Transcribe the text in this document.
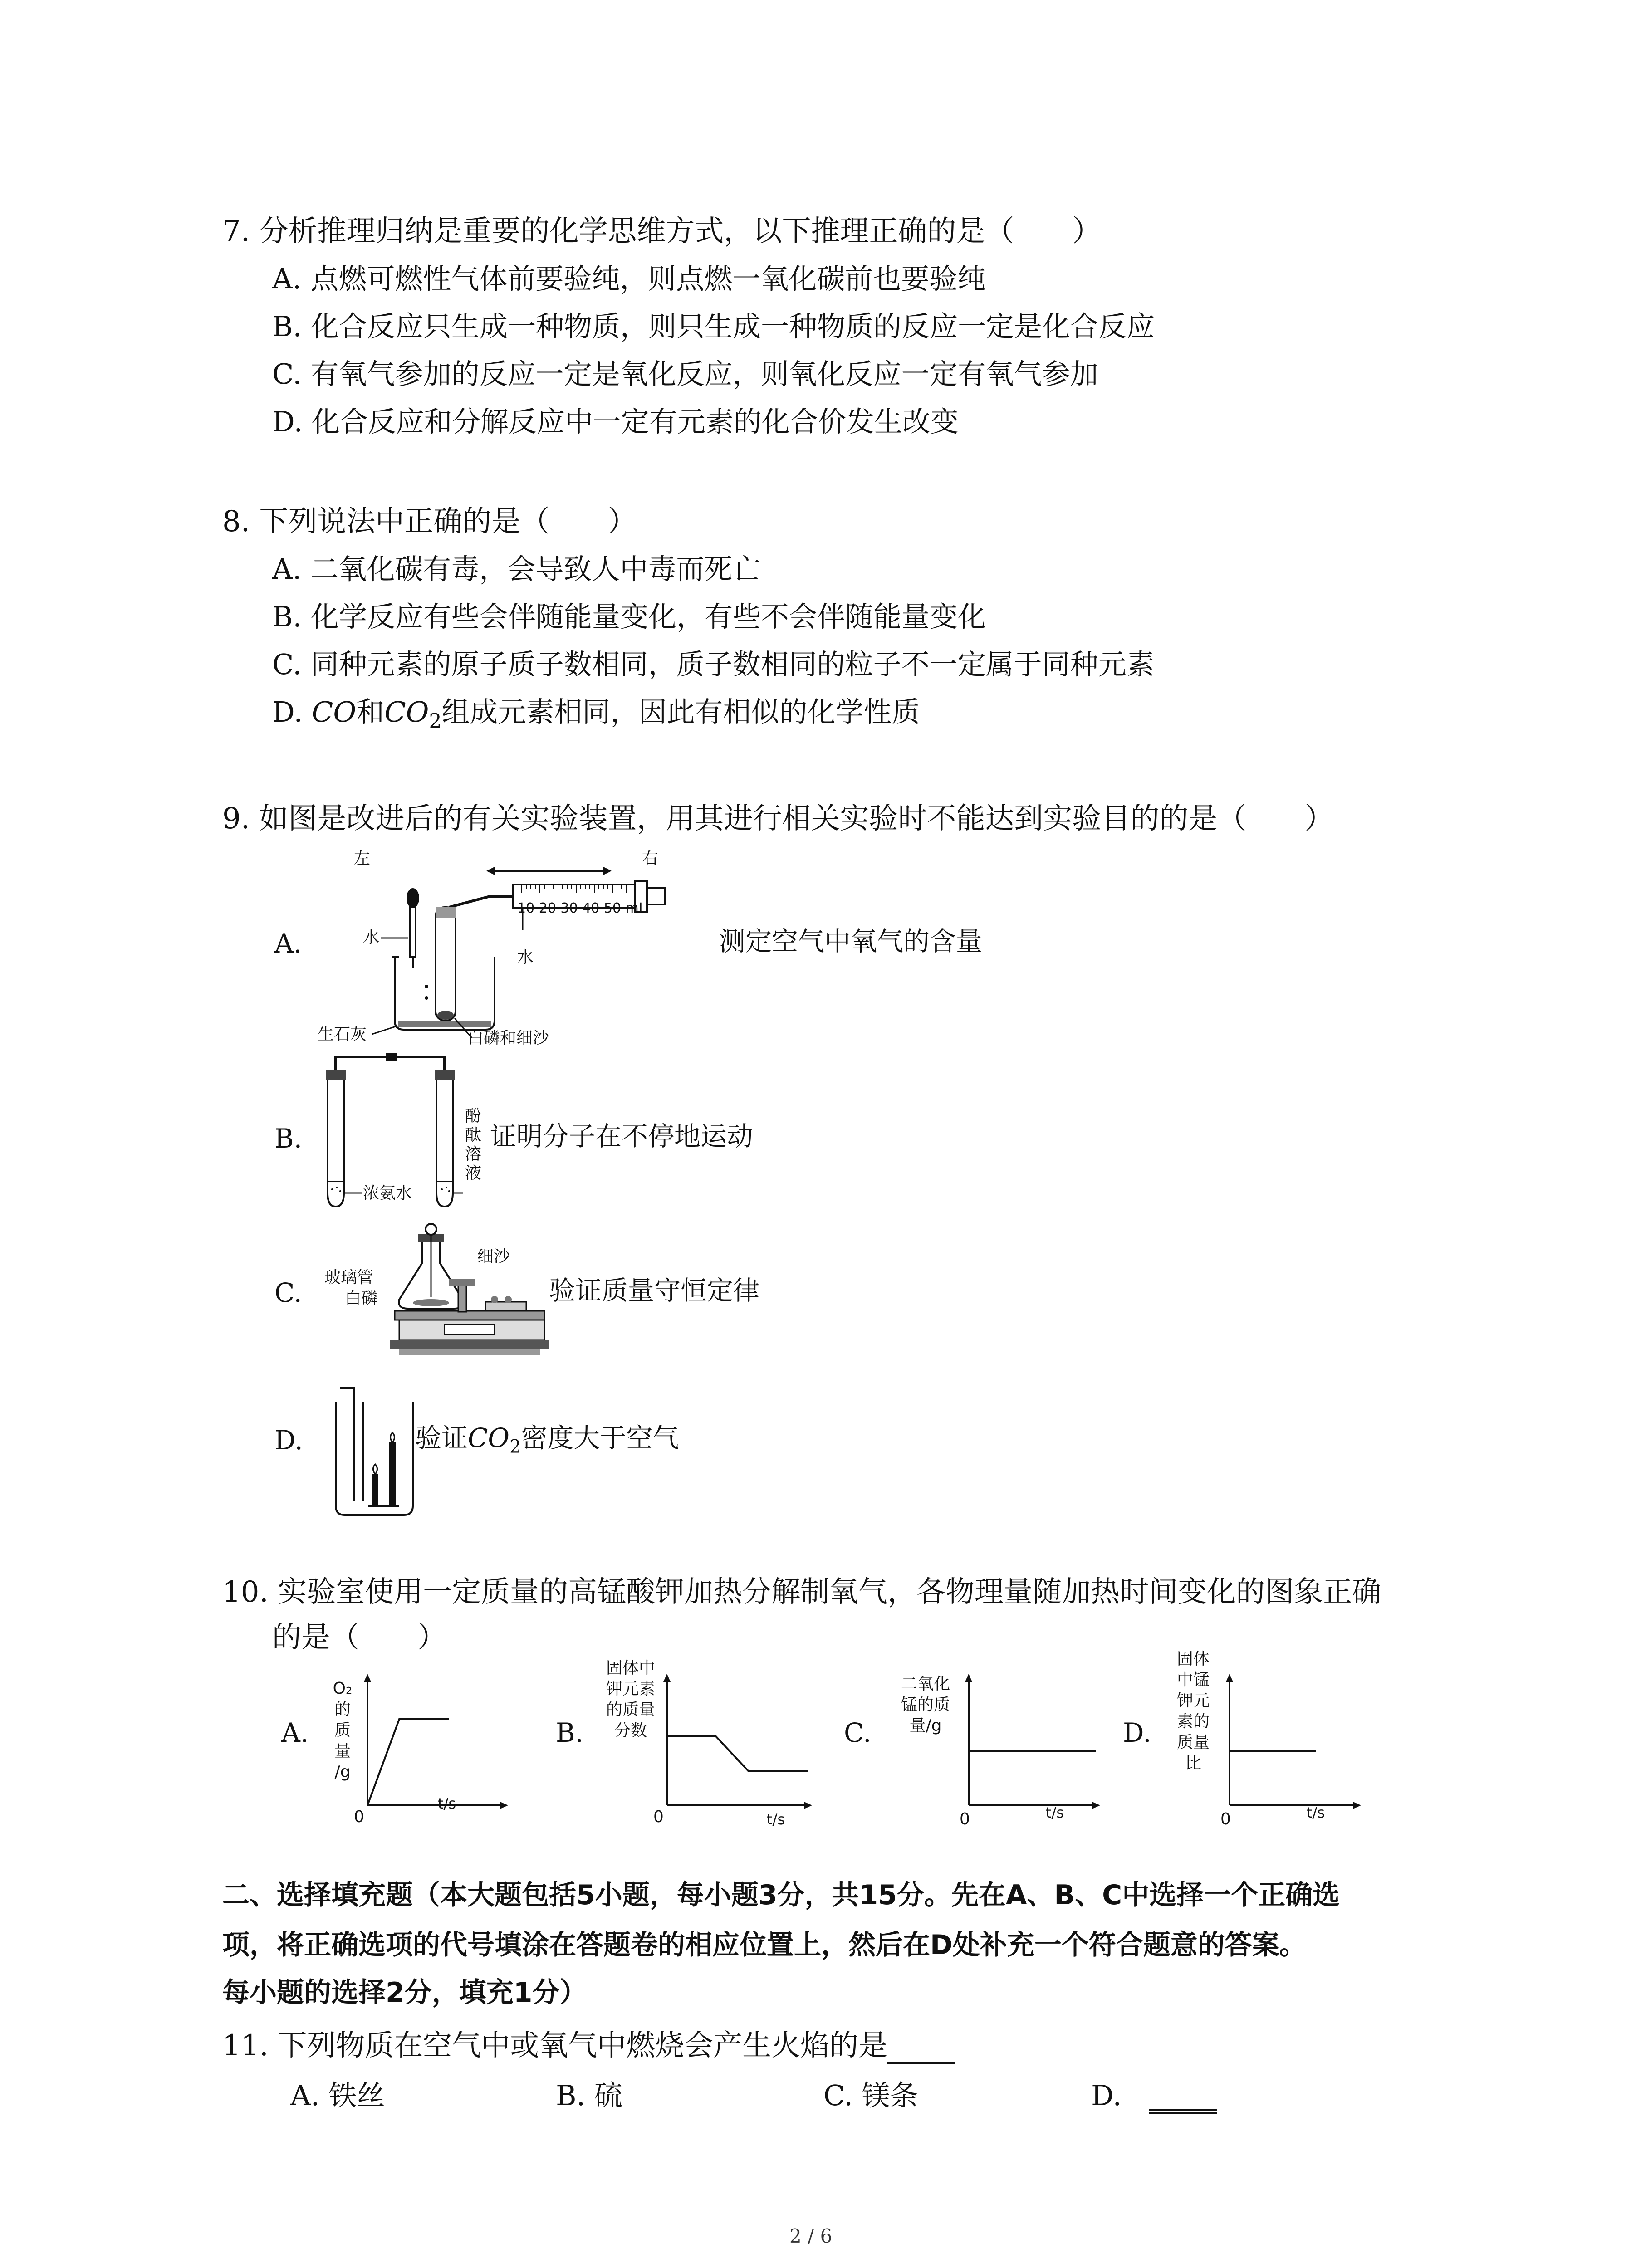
7. 分析推理归纳是重要的化学思维方式，以下推理正确的是（　　）
A. 点燃可燃性气体前要验纯，则点燃一氧化碳前也要验纯
B. 化合反应只生成一种物质，则只生成一种物质的反应一定是化合反应
C. 有氧气参加的反应一定是氧化反应，则氧化反应一定有氧气参加
D. 化合反应和分解反应中一定有元素的化合价发生改变
8. 下列说法中正确的是（　　）
A. 二氧化碳有毒，会导致人中毒而死亡
B. 化学反应有些会伴随能量变化，有些不会伴随能量变化
C. 同种元素的原子质子数相同，质子数相同的粒子不一定属于同种元素
D. CO和$CO_2$组成元素相同，因此有相似的化学性质
9. 如图是改进后的有关实验装置，用其进行相关实验时不能达到实验目的的是（　　）
A.
左	右
10 20 30 40 50 mL
水
水
生石灰	白磷和细沙
测定空气中氧气的含量
B.
浓氨水
酚
酞
溶
液
证明分子在不停地运动
C. 玻璃管
白磷
细沙
验证质量守恒定律
D.	验证$CO_2$密度大于空气
10. 实验室使用一定质量的高锰酸钾加热分解制氧气，各物理量随加热时间变化的图象正确
的是（　　）
A.
O₂ 的 质 量 /g
0
t/s
B.
固体中 钾元素 的质量 分数
0	t/s
C.
二氧化 锰的质 量/g
0	t/s
D.
固体 中锰 钾元 素的 质量 比
0	t/s
二、选择填充题（本大题包括5小题，每小题3分，共15分。先在A、B、C中选择一个正确选
项，将正确选项的代号填涂在答题卷的相应位置上，然后在D处补充一个符合题意的答案。
每小题的选择2分，填充1分）
11. 下列物质在空气中或氧气中燃烧会产生火焰的是
A. 铁丝	B. 硫	C. 镁条	D.
2 / 6
